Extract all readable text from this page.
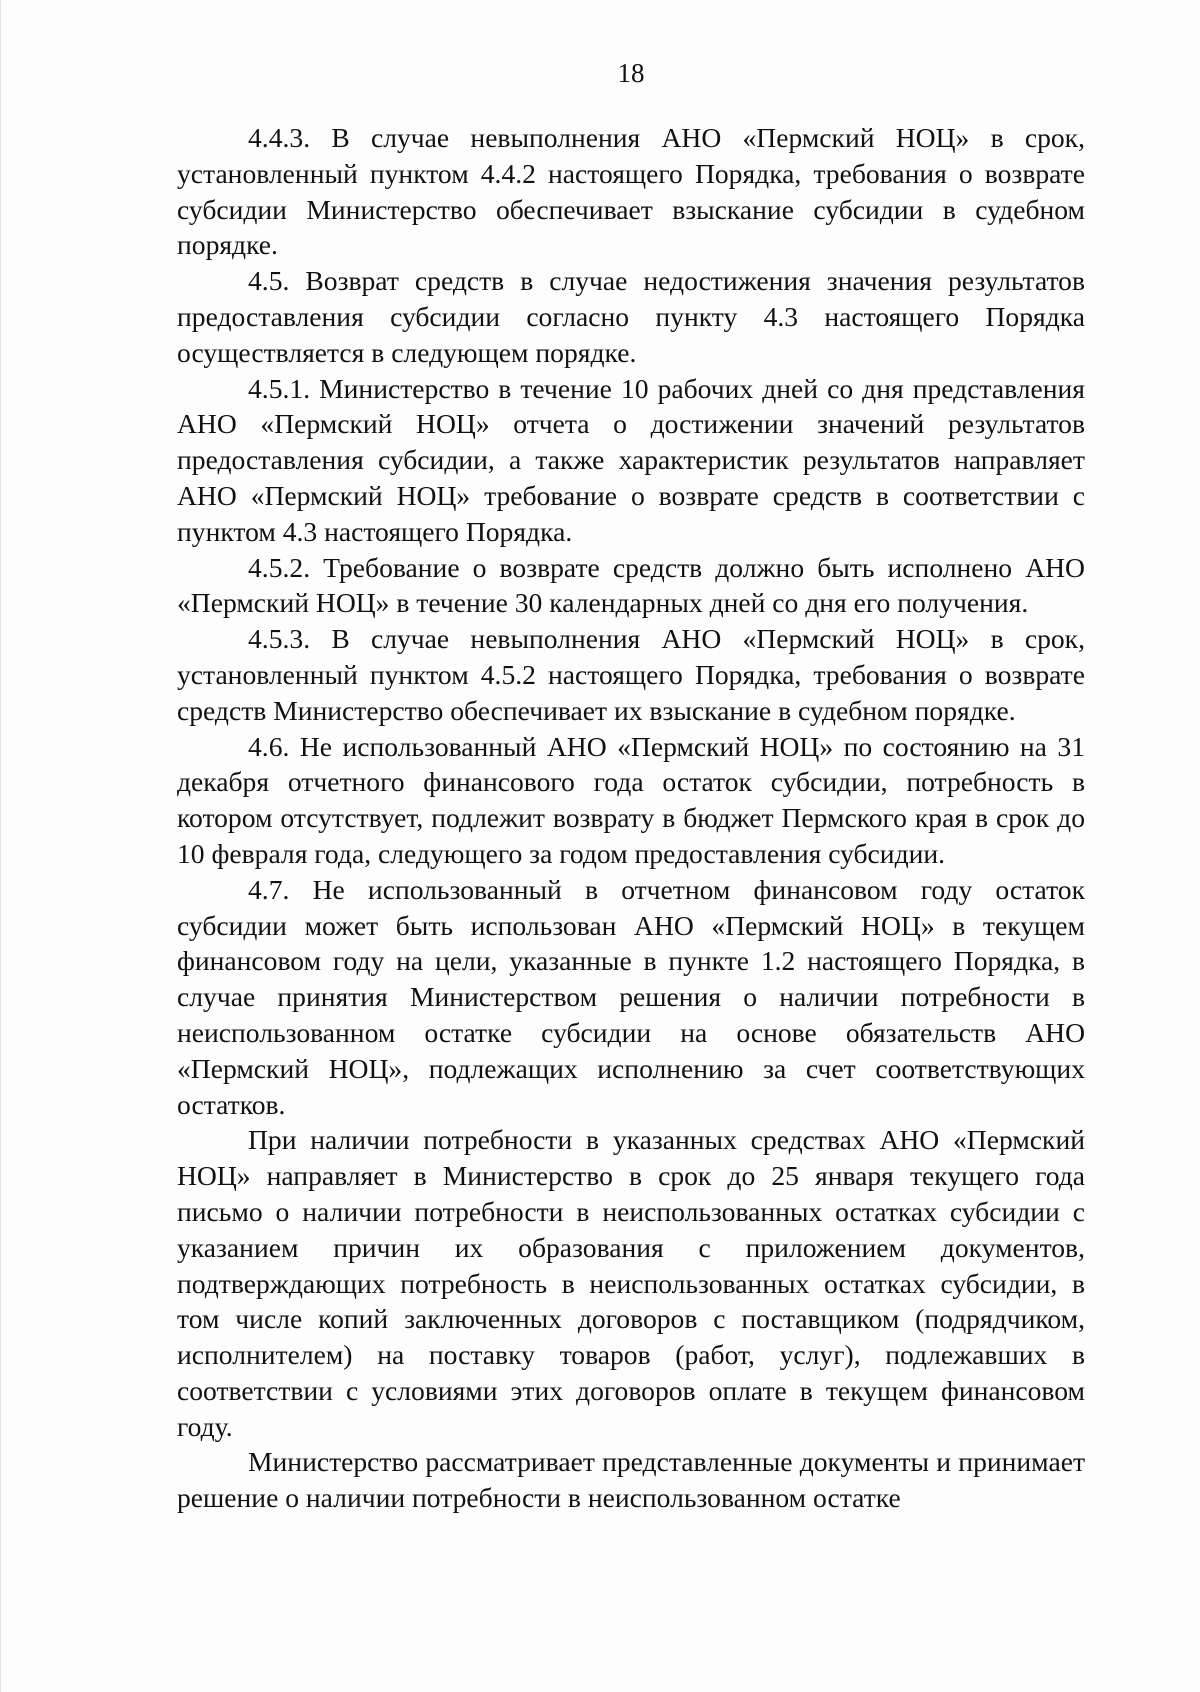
18

4.4.3. В случае невыполнения АНО «Пермский НОЦ» в срок, установленный пунктом 4.4.2 настоящего Порядка, требования о возврате субсидии Министерство обеспечивает взыскание субсидии в судебном порядке.

4.5. Возврат средств в случае недостижения значения результатов предоставления субсидии согласно пункту 4.3 настоящего Порядка осуществляется в следующем порядке.

4.5.1. Министерство в течение 10 рабочих дней со дня представления АНО «Пермский НОЦ» отчета о достижении значений результатов предоставления субсидии, а также характеристик результатов направляет АНО «Пермский НОЦ» требование о возврате средств в соответствии с пунктом 4.3 настоящего Порядка.

4.5.2. Требование о возврате средств должно быть исполнено АНО «Пермский НОЦ» в течение 30 календарных дней со дня его получения.

4.5.3. В случае невыполнения АНО «Пермский НОЦ» в срок, установленный пунктом 4.5.2 настоящего Порядка, требования о возврате средств Министерство обеспечивает их взыскание в судебном порядке.

4.6. Не использованный АНО «Пермский НОЦ» по состоянию на 31 декабря отчетного финансового года остаток субсидии, потребность в котором отсутствует, подлежит возврату в бюджет Пермского края в срок до 10 февраля года, следующего за годом предоставления субсидии.

4.7. Не использованный в отчетном финансовом году остаток субсидии может быть использован АНО «Пермский НОЦ» в текущем финансовом году на цели, указанные в пункте 1.2 настоящего Порядка, в случае принятия Министерством решения о наличии потребности в неиспользованном остатке субсидии на основе обязательств АНО «Пермский НОЦ», подлежащих исполнению за счет соответствующих остатков.

При наличии потребности в указанных средствах АНО «Пермский НОЦ» направляет в Министерство в срок до 25 января текущего года письмо о наличии потребности в неиспользованных остатках субсидии с указанием причин их образования с приложением документов, подтверждающих потребность в неиспользованных остатках субсидии, в том числе копий заключенных договоров с поставщиком (подрядчиком, исполнителем) на поставку товаров (работ, услуг), подлежавших в соответствии с условиями этих договоров оплате в текущем финансовом году.

Министерство рассматривает представленные документы и принимает решение о наличии потребности в неиспользованном остатке
